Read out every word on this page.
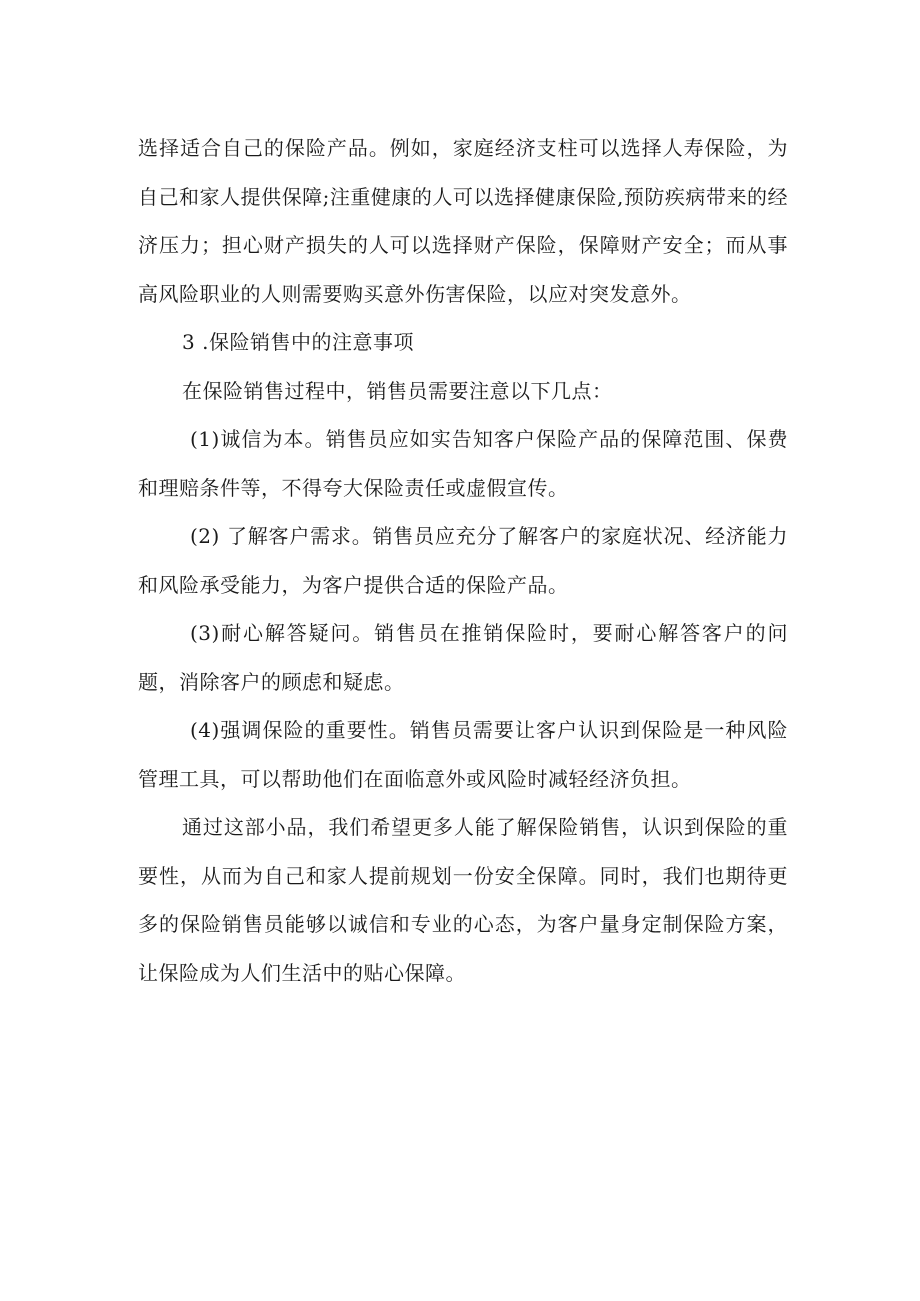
选择适合自己的保险产品。例如，家庭经济支柱可以选择人寿保险，为自己和家人提供保障;注重健康的人可以选择健康保险,预防疾病带来的经济压力；担心财产损失的人可以选择财产保险，保障财产安全；而从事高风险职业的人则需要购买意外伤害保险，以应对突发意外。

3 .保险销售中的注意事项

在保险销售过程中，销售员需要注意以下几点：

(1)诚信为本。销售员应如实告知客户保险产品的保障范围、保费和理赔条件等，不得夸大保险责任或虚假宣传。

(2) 了解客户需求。销售员应充分了解客户的家庭状况、经济能力和风险承受能力，为客户提供合适的保险产品。

(3)耐心解答疑问。销售员在推销保险时，要耐心解答客户的问题，消除客户的顾虑和疑虑。

(4)强调保险的重要性。销售员需要让客户认识到保险是一种风险管理工具，可以帮助他们在面临意外或风险时减轻经济负担。

通过这部小品，我们希望更多人能了解保险销售，认识到保险的重要性，从而为自己和家人提前规划一份安全保障。同时，我们也期待更多的保险销售员能够以诚信和专业的心态，为客户量身定制保险方案，让保险成为人们生活中的贴心保障。
